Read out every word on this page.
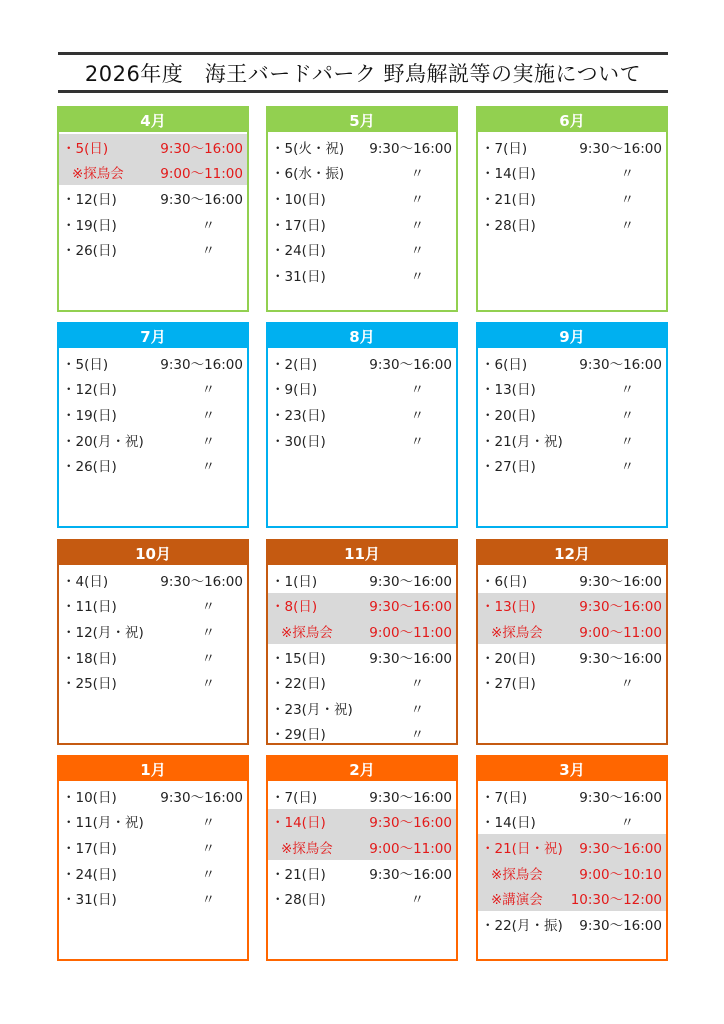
2026年度　海王バードパーク 野鳥解説等の実施について
4月
・5(日)	9:30～16:00
※探鳥会	9:00～11:00
・12(日)	9:30～16:00
・19(日)	〃
・26(日)	〃
5月
・5(火・祝) 9:30～16:00
・6(水・振)	〃
・10(日)	〃
・17(日)	〃
・24(日)	〃
・31(日)	〃
6月
・7(日)	9:30～16:00
・14(日)	〃
・21(日)	〃
・28(日)	〃
7月
・5(日)	9:30～16:00
・12(日)	〃
・19(日)	〃
・20(月・祝)	〃
・26(日)	〃
8月
・2(日)	9:30～16:00
・9(日)	〃
・23(日)	〃
・30(日)	〃
9月
・6(日)	9:30～16:00
・13(日)	〃
・20(日)	〃
・21(月・祝)	〃
・27(日)	〃
10月
・4(日)	9:30～16:00
・11(日)	〃
・12(月・祝)	〃
・18(日)	〃
・25(日)	〃
11月
・1(日)	9:30～16:00
・8(日)	9:30～16:00
※探鳥会	9:00～11:00
・15(日)	9:30～16:00
・22(日)	〃
・23(月・祝)	〃
・29(日)	〃
12月
・6(日)	9:30～16:00
・13(日)	9:30～16:00
※探鳥会	9:00～11:00
・20(日)	9:30～16:00
・27(日)	〃
1月
・10(日)	9:30～16:00
・11(月・祝)	〃
・17(日)	〃
・24(日)	〃
・31(日)	〃
2月
・7(日)	9:30～16:00
・14(日)	9:30～16:00
※探鳥会	9:00～11:00
・21(日)	9:30～16:00
・28(日)	〃
3月
・7(日)	9:30～16:00
・14(日)	〃
・21(日・祝) 9:30～16:00
※探鳥会	9:00～10:10
※講演会 10:30～12:00
・22(月・振) 9:30～16:00
